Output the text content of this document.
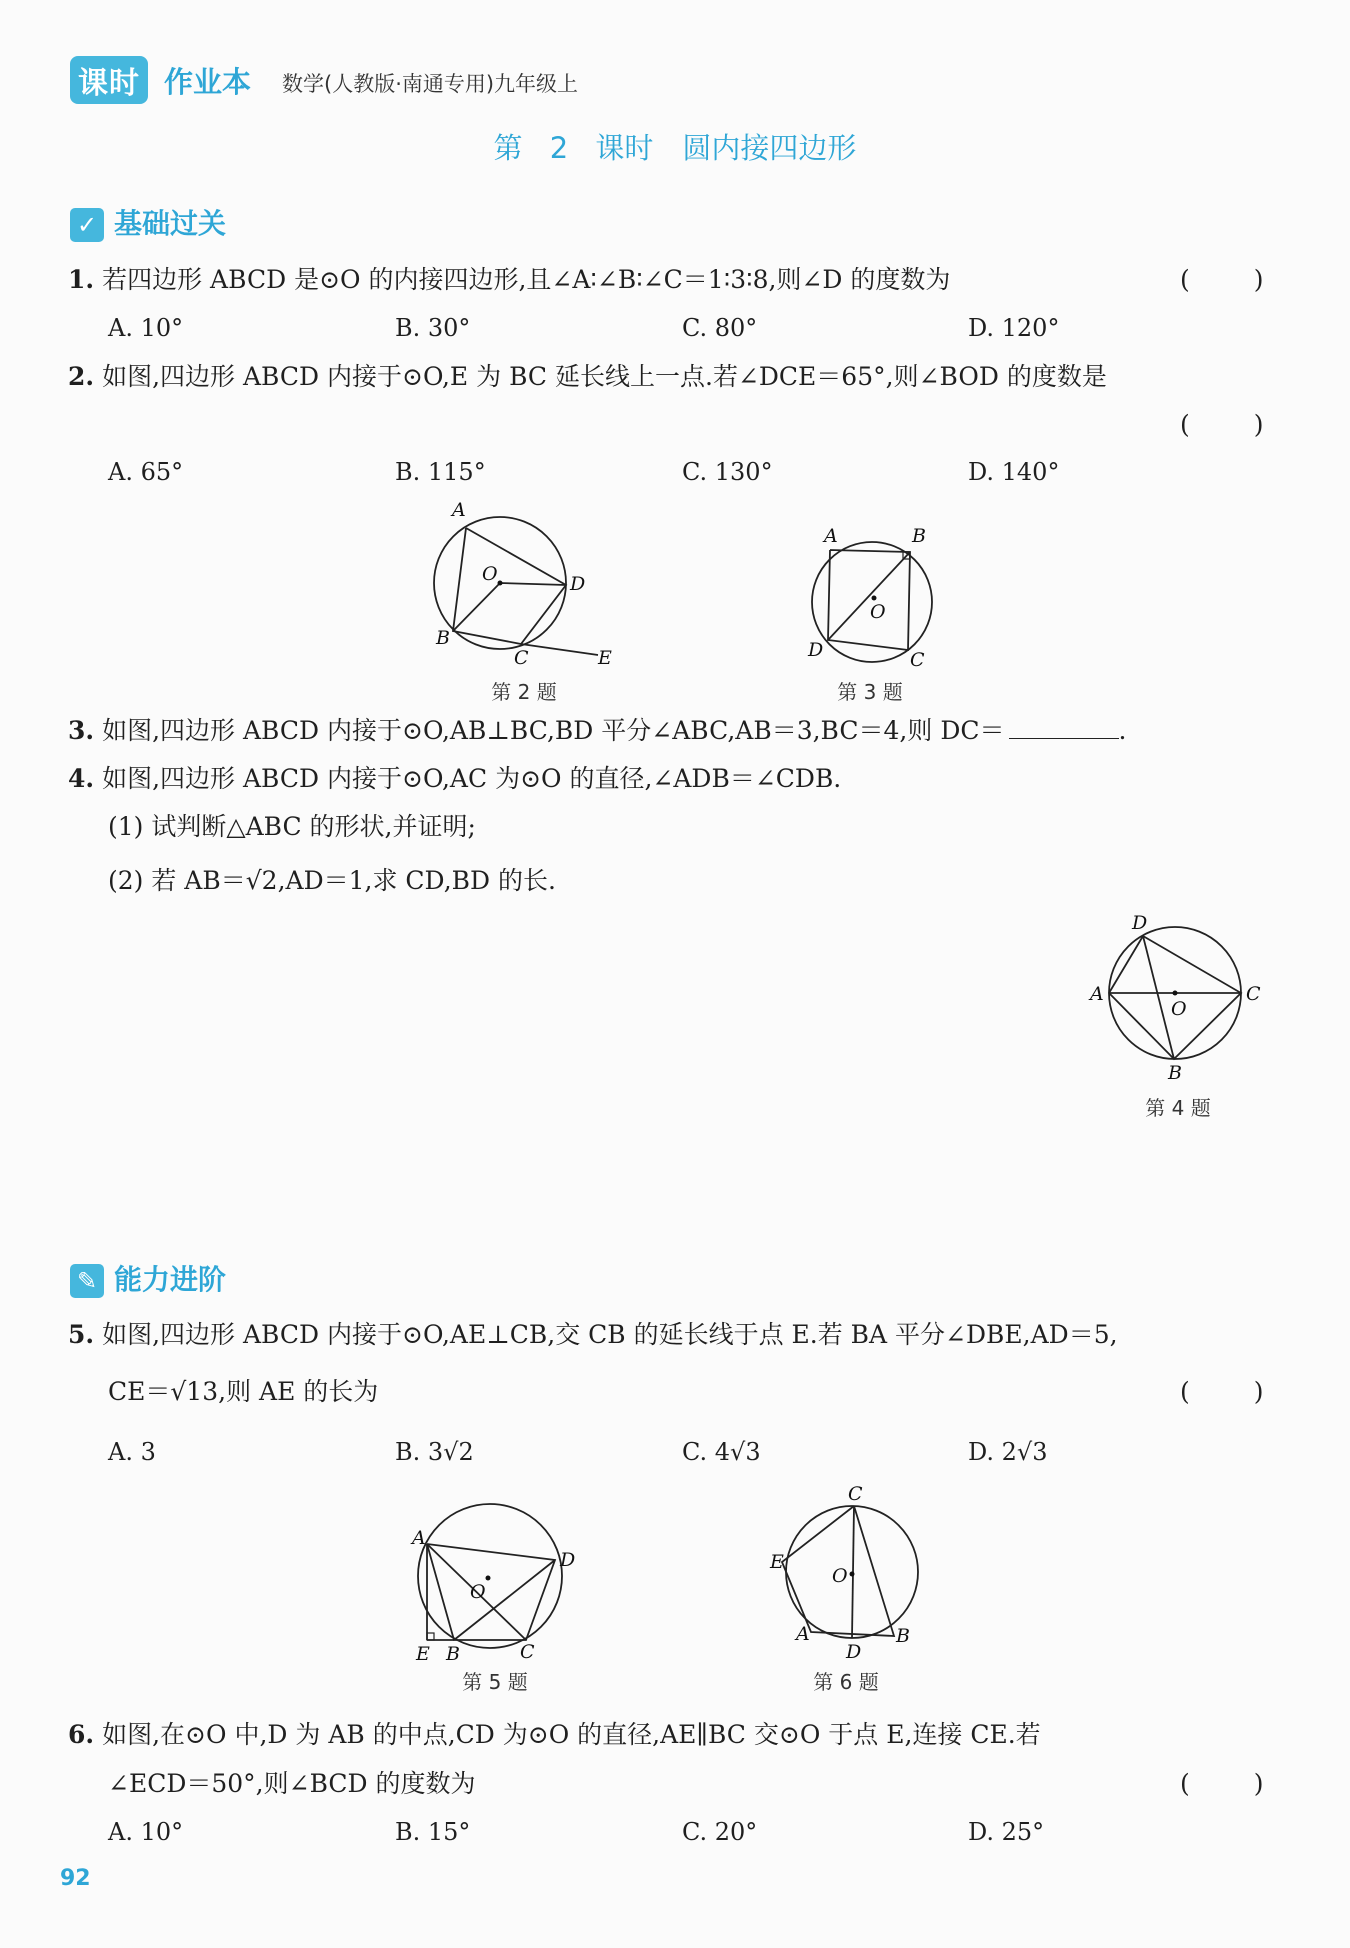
课时 作业本 数学(人教版·南通专用)九年级上
第 2 课时　圆内接四边形
✓ 基础过关
1. 若四边形 ABCD 是⊙O 的内接四边形,且∠A∶∠B∶∠C＝1∶3∶8,则∠D 的度数为	( )
A. 10°	B. 30°	C. 80°	D. 120°
2. 如图,四边形 ABCD 内接于⊙O,E 为 BC 延长线上一点.若∠DCE＝65°,则∠BOD 的度数是
( )
A. 65°	B. 115°	C. 130°	D. 140°
A
O	D
B
C	E
第 2 题
A	B
O
D	C
第 3 题
3. 如图,四边形 ABCD 内接于⊙O,AB⊥BC,BD 平分∠ABC,AB＝3,BC＝4,则 DC＝	.
4. 如图,四边形 ABCD 内接于⊙O,AC 为⊙O 的直径,∠ADB＝∠CDB.
(1) 试判断△ABC 的形状,并证明;
(2) 若 AB＝√2,AD＝1,求 CD,BD 的长.
D
A
O
C
B
第 4 题
✎ 能力进阶
5. 如图,四边形 ABCD 内接于⊙O,AE⊥CB,交 CB 的延长线于点 E.若 BA 平分∠DBE,AD＝5,
CE＝√13,则 AE 的长为	( )
A. 3	B. 3√2	C. 4√3	D. 2√3
A
O
D
E B	C
第 5 题
C
E
O
A
D
B
第 6 题
6. 如图,在⊙O 中,D 为 AB 的中点,CD 为⊙O 的直径,AE∥BC 交⊙O 于点 E,连接 CE.若
∠ECD＝50°,则∠BCD 的度数为	( )
A. 10°	B. 15°	C. 20°	D. 25°
92
